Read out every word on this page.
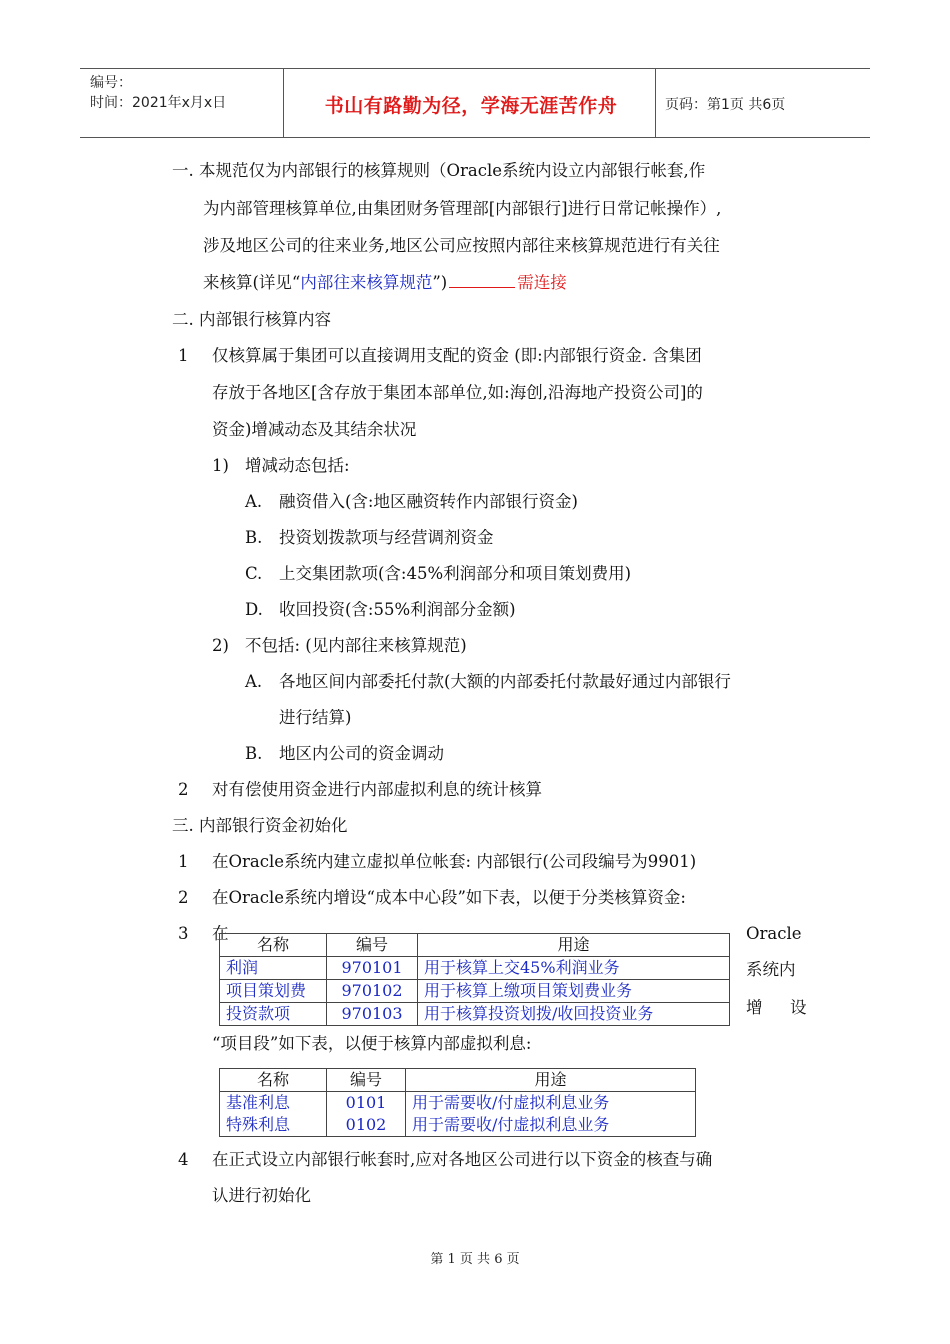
编号：
时间：2021年x月x日	书山有路勤为径，学海无涯苦作舟	页码：第1页 共6页
一. 本规范仅为内部银行的核算规则（Oracle系统内设立内部银行帐套,作
为内部管理核算单位,由集团财务管理部[内部银行]进行日常记帐操作）,
涉及地区公司的往来业务,地区公司应按照内部往来核算规范进行有关往
来核算(详见“内部往来核算规范”)	需连接
二. 内部银行核算内容
1 仅核算属于集团可以直接调用支配的资金 (即:内部银行资金. 含集团
存放于各地区[含存放于集团本部单位,如:海创,沿海地产投资公司]的
资金)增减动态及其结余状况
1) 增减动态包括:
A. 融资借入(含:地区融资转作内部银行资金)
B. 投资划拨款项与经营调剂资金
C. 上交集团款项(含:45%利润部分和项目策划费用)
D. 收回投资(含:55%利润部分金额)
2) 不包括: (见内部往来核算规范)
A. 各地区间内部委托付款(大额的内部委托付款最好通过内部银行
进行结算)
B. 地区内公司的资金调动
2 对有偿使用资金进行内部虚拟利息的统计核算
三. 内部银行资金初始化
1 在Oracle系统内建立虚拟单位帐套: 内部银行(公司段编号为9901)
2 在Oracle系统内增设“成本中心段”如下表，以便于分类核算资金:
3 在	Oracle
系统内
增 设
名称	编号	用途
利润	970101	用于核算上交45%利润业务
项目策划费	970102	用于核算上缴项目策划费业务
投资款项	970103	用于核算投资划拨/收回投资业务
“项目段”如下表，以便于核算内部虚拟利息:
名称	编号	用途
基准利息	0101	用于需要收/付虚拟利息业务
特殊利息	0102	用于需要收/付虚拟利息业务
4 在正式设立内部银行帐套时,应对各地区公司进行以下资金的核查与确
认进行初始化
第 1 页 共 6 页
